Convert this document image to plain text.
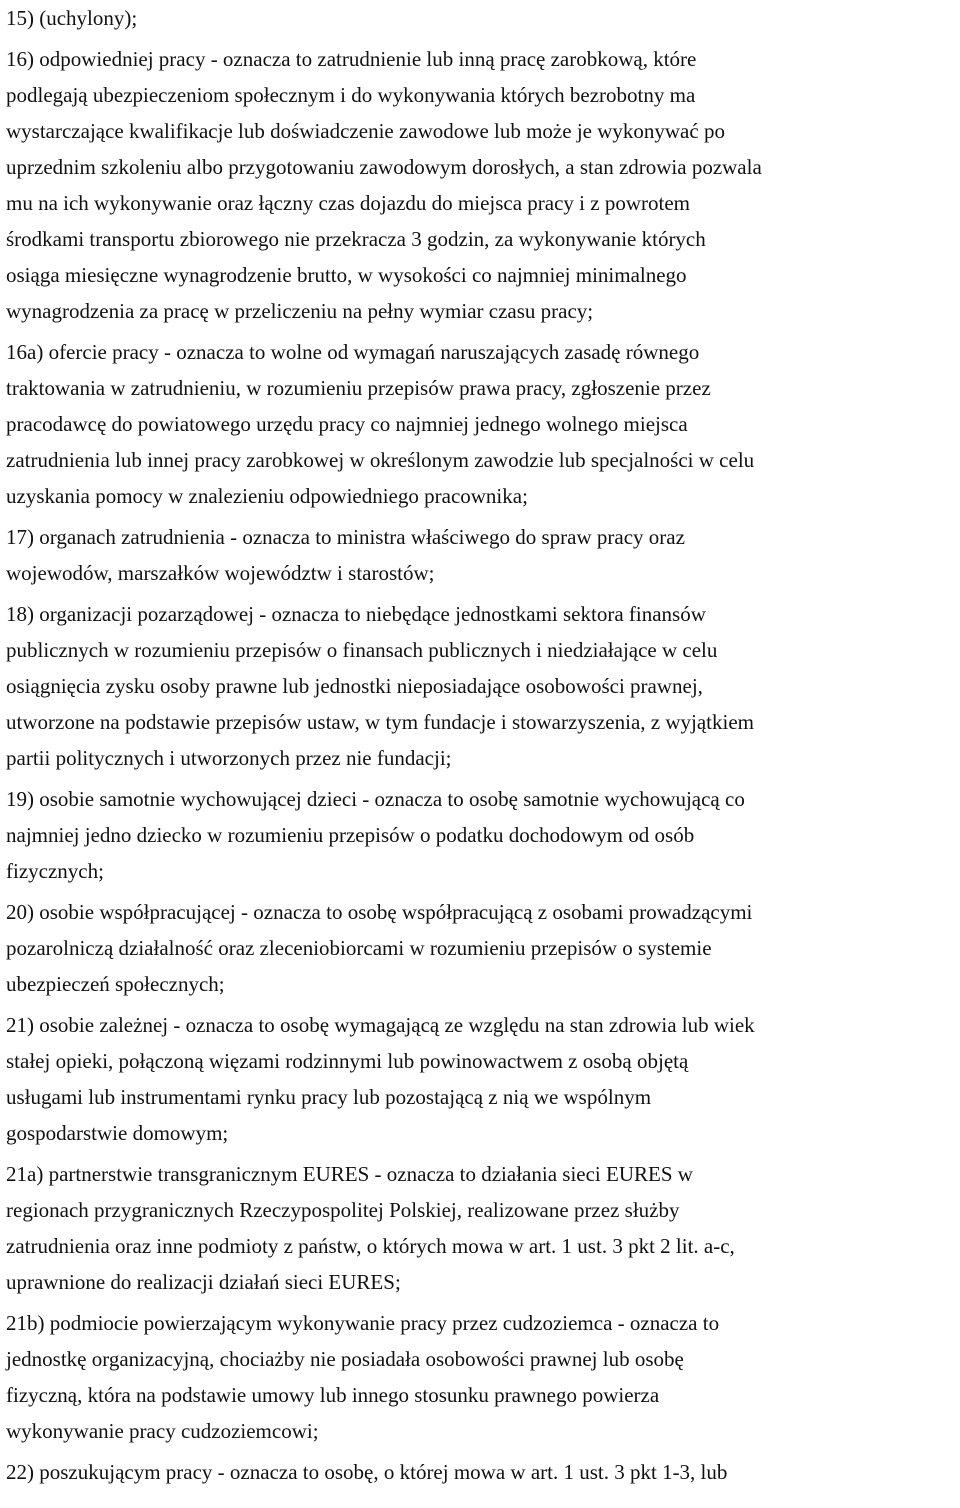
15) (uchylony);
16) odpowiedniej pracy - oznacza to zatrudnienie lub inną pracę zarobkową, które
podlegają ubezpieczeniom społecznym i do wykonywania których bezrobotny ma
wystarczające kwalifikacje lub doświadczenie zawodowe lub może je wykonywać po
uprzednim szkoleniu albo przygotowaniu zawodowym dorosłych, a stan zdrowia pozwala
mu na ich wykonywanie oraz łączny czas dojazdu do miejsca pracy i z powrotem
środkami transportu zbiorowego nie przekracza 3 godzin, za wykonywanie których
osiąga miesięczne wynagrodzenie brutto, w wysokości co najmniej minimalnego
wynagrodzenia za pracę w przeliczeniu na pełny wymiar czasu pracy;
16a) ofercie pracy - oznacza to wolne od wymagań naruszających zasadę równego
traktowania w zatrudnieniu, w rozumieniu przepisów prawa pracy, zgłoszenie przez
pracodawcę do powiatowego urzędu pracy co najmniej jednego wolnego miejsca
zatrudnienia lub innej pracy zarobkowej w określonym zawodzie lub specjalności w celu
uzyskania pomocy w znalezieniu odpowiedniego pracownika;
17) organach zatrudnienia - oznacza to ministra właściwego do spraw pracy oraz
wojewodów, marszałków województw i starostów;
18) organizacji pozarządowej - oznacza to niebędące jednostkami sektora finansów
publicznych w rozumieniu przepisów o finansach publicznych i niedziałające w celu
osiągnięcia zysku osoby prawne lub jednostki nieposiadające osobowości prawnej,
utworzone na podstawie przepisów ustaw, w tym fundacje i stowarzyszenia, z wyjątkiem
partii politycznych i utworzonych przez nie fundacji;
19) osobie samotnie wychowującej dzieci - oznacza to osobę samotnie wychowującą co
najmniej jedno dziecko w rozumieniu przepisów o podatku dochodowym od osób
fizycznych;
20) osobie współpracującej - oznacza to osobę współpracującą z osobami prowadzącymi
pozarolniczą działalność oraz zleceniobiorcami w rozumieniu przepisów o systemie
ubezpieczeń społecznych;
21) osobie zależnej - oznacza to osobę wymagającą ze względu na stan zdrowia lub wiek
stałej opieki, połączoną więzami rodzinnymi lub powinowactwem z osobą objętą
usługami lub instrumentami rynku pracy lub pozostającą z nią we wspólnym
gospodarstwie domowym;
21a) partnerstwie transgranicznym EURES - oznacza to działania sieci EURES w
regionach przygranicznych Rzeczypospolitej Polskiej, realizowane przez służby
zatrudnienia oraz inne podmioty z państw, o których mowa w art. 1 ust. 3 pkt 2 lit. a-c,
uprawnione do realizacji działań sieci EURES;
21b) podmiocie powierzającym wykonywanie pracy przez cudzoziemca - oznacza to
jednostkę organizacyjną, chociażby nie posiadała osobowości prawnej lub osobę
fizyczną, która na podstawie umowy lub innego stosunku prawnego powierza
wykonywanie pracy cudzoziemcowi;
22) poszukującym pracy - oznacza to osobę, o której mowa w art. 1 ust. 3 pkt 1-3, lub
